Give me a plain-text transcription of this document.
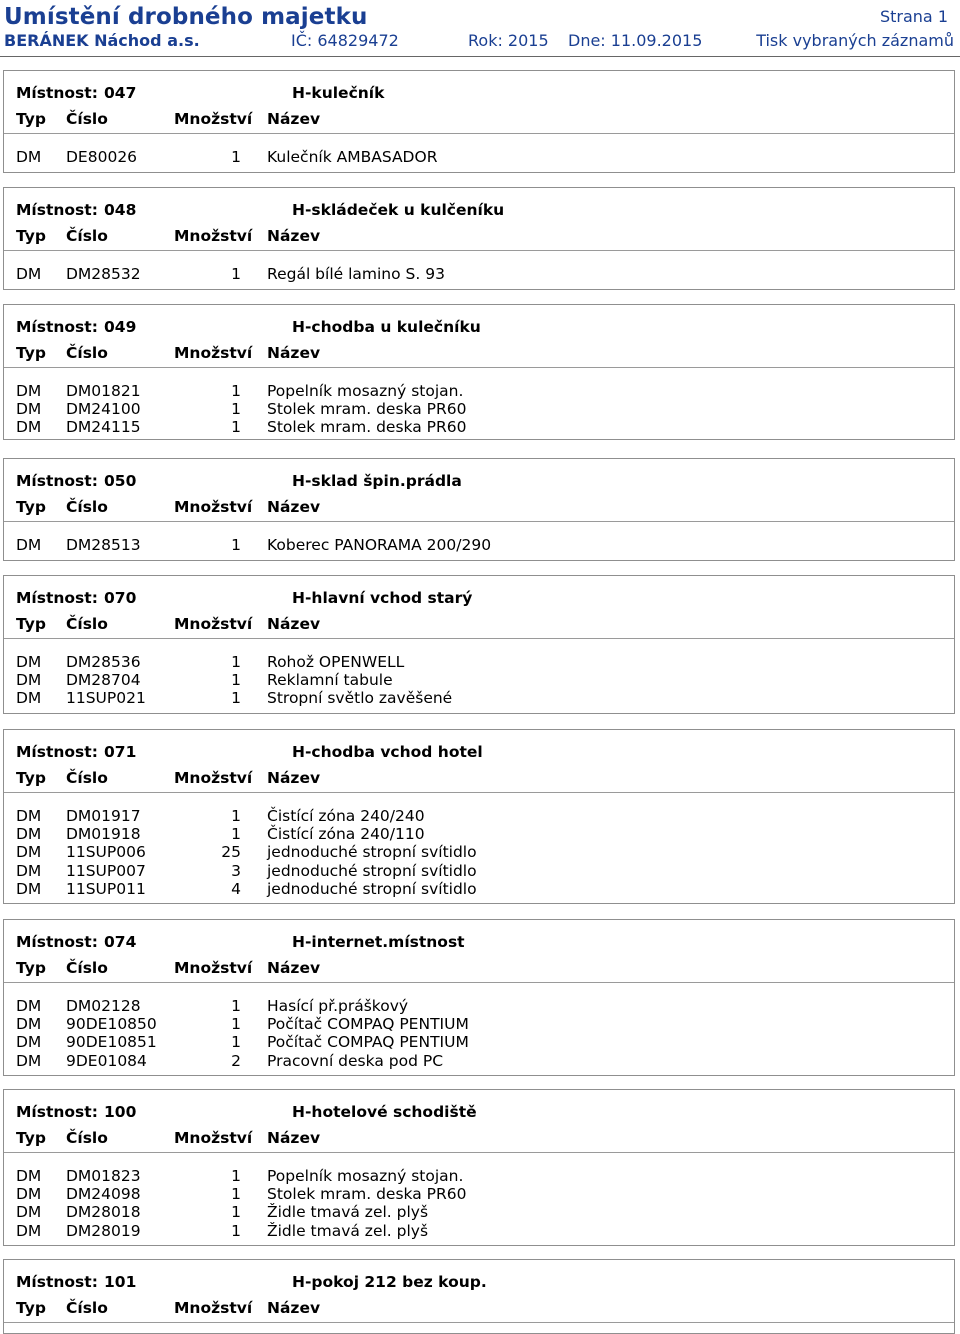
Umístění drobného majetku	Strana 1
BERÁNEK Náchod a.s.	IČ: 64829472	Rok: 2015 Dne: 11.09.2015	Tisk vybraných záznamů
Místnost: 047	H-kulečník
Typ Číslo	Množství Název
DM DE80026	1 Kulečník AMBASADOR
Místnost: 048	H-skládeček u kulčeníku
Typ Číslo	Množství Název
DM DM28532	1 Regál bílé lamino S. 93
Místnost: 049	H-chodba u kulečníku
Typ Číslo	Množství Název
DM DM01821	1 Popelník mosazný stojan.
DM DM24100	1 Stolek mram. deska PR60
DM DM24115	1 Stolek mram. deska PR60
Místnost: 050	H-sklad špin.prádla
Typ Číslo	Množství Název
DM DM28513	1 Koberec PANORAMA 200/290
Místnost: 070	H-hlavní vchod starý
Typ Číslo	Množství Název
DM DM28536	1 Rohož OPENWELL
DM DM28704	1 Reklamní tabule
DM 11SUP021	1 Stropní světlo zavěšené
Místnost: 071	H-chodba vchod hotel
Typ Číslo	Množství Název
DM DM01917	1 Čistící zóna 240/240
DM DM01918	1 Čistící zóna 240/110
DM 11SUP006	25 jednoduché stropní svítidlo
DM 11SUP007	3 jednoduché stropní svítidlo
DM 11SUP011	4 jednoduché stropní svítidlo
Místnost: 074	H-internet.místnost
Typ Číslo	Množství Název
DM DM02128	1 Hasící př.práškový
DM 90DE10850	1 Počítač COMPAQ PENTIUM
DM 90DE10851	1 Počítač COMPAQ PENTIUM
DM 9DE01084	2 Pracovní deska pod PC
Místnost: 100	H-hotelové schodiště
Typ Číslo	Množství Název
DM DM01823	1 Popelník mosazný stojan.
DM DM24098	1 Stolek mram. deska PR60
DM DM28018	1 Židle tmavá zel. plyš
DM DM28019	1 Židle tmavá zel. plyš
Místnost: 101	H-pokoj 212 bez koup.
Typ Číslo	Množství Název
